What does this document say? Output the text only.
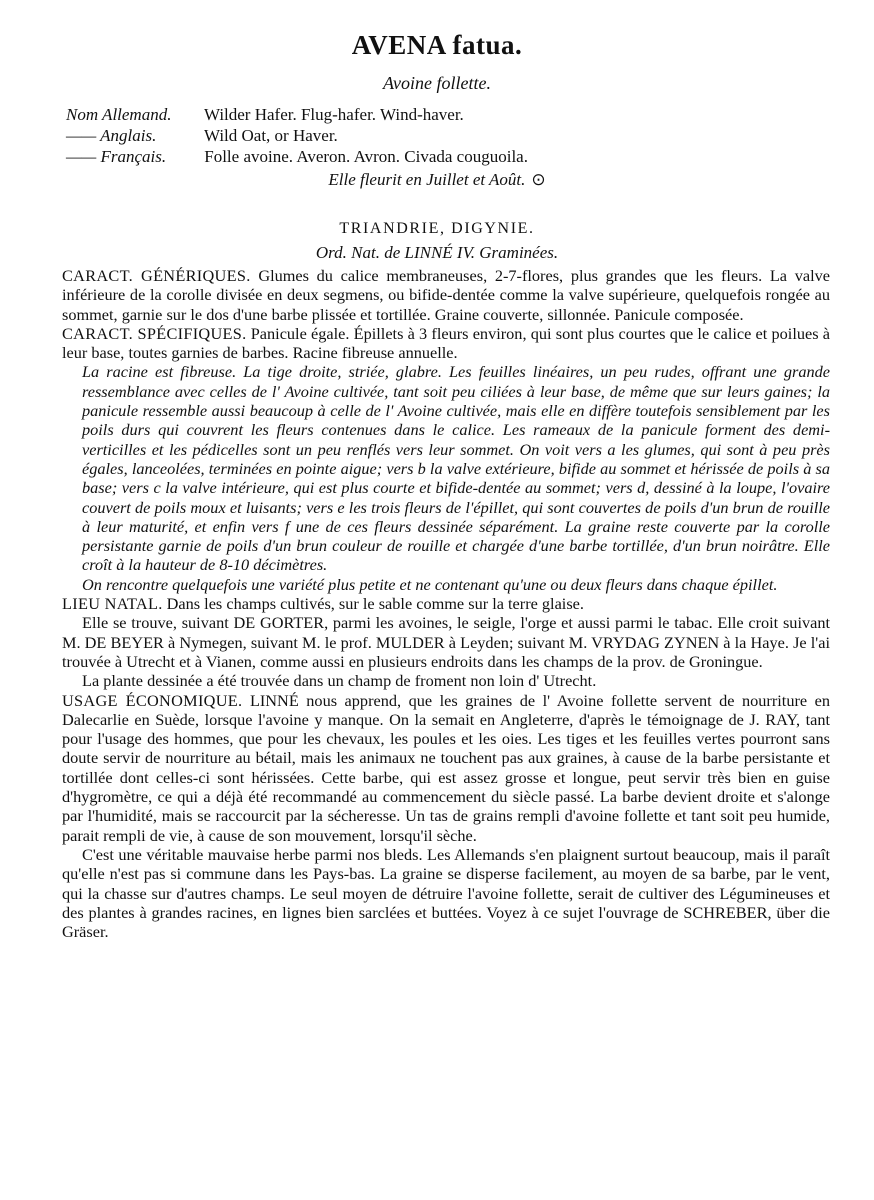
AVENA fatua.
Avoine follette.
Nom Allemand. Wilder Hafer. Flug-hafer. Wind-haver.
—— Anglais.	Wild Oat, or Haver.
—— Français. Folle avoine. Averon. Avron. Civada couguoila.
Elle fleurit en Juillet et Août. ⊙
TRIANDRIE, DIGYNIE.
Ord. Nat. de LINNÉ IV. Graminées.

CARACT. GÉNÉRIQUES. Glumes du calice membraneuses, 2-7-flores, plus grandes que les fleurs. La valve inférieure de la corolle divisée en deux segmens, ou bifide-dentée comme la valve supérieure, quelquefois rongée au sommet, garnie sur le dos d'une barbe plissée et tortillée. Graine couverte, sillonnée. Panicule composée.

CARACT. SPÉCIFIQUES. Panicule égale. Épillets à 3 fleurs environ, qui sont plus courtes que le calice et poilues à leur base, toutes garnies de barbes. Racine fibreuse annuelle.

La racine est fibreuse. La tige droite, striée, glabre. Les feuilles linéaires, un peu rudes, offrant une grande ressemblance avec celles de l' Avoine cultivée, tant soit peu ciliées à leur base, de même que sur leurs gaines; la panicule ressemble aussi beaucoup à celle de l' Avoine cultivée, mais elle en diffère toutefois sensiblement par les poils durs qui couvrent les fleurs contenues dans le calice. Les rameaux de la panicule forment des demi-verticilles et les pédicelles sont un peu renflés vers leur sommet. On voit vers a les glumes, qui sont à peu près égales, lanceolées, terminées en pointe aigue; vers b la valve extérieure, bifide au sommet et hérissée de poils à sa base; vers c la valve intérieure, qui est plus courte et bifide-dentée au sommet; vers d, dessiné à la loupe, l'ovaire couvert de poils moux et luisants; vers e les trois fleurs de l'épillet, qui sont couvertes de poils d'un brun de rouille à leur maturité, et enfin vers f une de ces fleurs dessinée séparément. La graine reste couverte par la corolle persistante garnie de poils d'un brun couleur de rouille et chargée d'une barbe tortillée, d'un brun noirâtre. Elle croît à la hauteur de 8-10 décimètres.

On rencontre quelquefois une variété plus petite et ne contenant qu'une ou deux fleurs dans chaque épillet.

LIEU NATAL. Dans les champs cultivés, sur le sable comme sur la terre glaise.

Elle se trouve, suivant DE GORTER, parmi les avoines, le seigle, l'orge et aussi parmi le tabac. Elle croit suivant M. DE BEYER à Nymegen, suivant M. le prof. MULDER à Leyden; suivant M. VRYDAG ZYNEN à la Haye. Je l'ai trouvée à Utrecht et à Vianen, comme aussi en plusieurs endroits dans les champs de la prov. de Groningue.

La plante dessinée a été trouvée dans un champ de froment non loin d' Utrecht.

USAGE ÉCONOMIQUE. LINNÉ nous apprend, que les graines de l' Avoine follette servent de nourriture en Dalecarlie en Suède, lorsque l'avoine y manque. On la semait en Angleterre, d'après le témoignage de J. RAY, tant pour l'usage des hommes, que pour les chevaux, les poules et les oies. Les tiges et les feuilles vertes pourront sans doute servir de nourriture au bétail, mais les animaux ne touchent pas aux graines, à cause de la barbe persistante et tortillée dont celles-ci sont hérissées. Cette barbe, qui est assez grosse et longue, peut servir très bien en guise d'hygromètre, ce qui a déjà été recommandé au commencement du siècle passé. La barbe devient droite et s'alonge par l'humidité, mais se raccourcit par la sécheresse. Un tas de grains rempli d'avoine follette et tant soit peu humide, parait rempli de vie, à cause de son mouvement, lorsqu'il sèche.

C'est une véritable mauvaise herbe parmi nos bleds. Les Allemands s'en plaignent surtout beaucoup, mais il paraît qu'elle n'est pas si commune dans les Pays-bas. La graine se disperse facilement, au moyen de sa barbe, par le vent, qui la chasse sur d'autres champs. Le seul moyen de détruire l'avoine follette, serait de cultiver des Légumineuses et des plantes à grandes racines, en lignes bien sarclées et buttées. Voyez à ce sujet l'ouvrage de SCHREBER, über die Gräser.
